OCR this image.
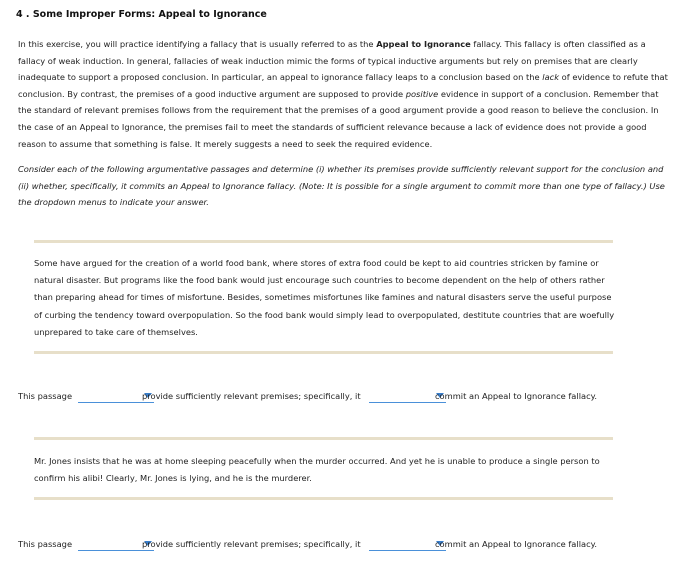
4 . Some Improper Forms: Appeal to Ignorance
In this exercise, you will practice identifying a fallacy that is usually referred to as the Appeal to Ignorance fallacy. This fallacy is often classified as a fallacy of weak induction. In general, fallacies of weak induction mimic the forms of typical inductive arguments but rely on premises that are clearly inadequate to support a proposed conclusion. In particular, an appeal to ignorance fallacy leaps to a conclusion based on the lack of evidence to refute that conclusion. By contrast, the premises of a good inductive argument are supposed to provide positive evidence in support of a conclusion. Remember that the standard of relevant premises follows from the requirement that the premises of a good argument provide a good reason to believe the conclusion. In the case of an Appeal to Ignorance, the premises fail to meet the standards of sufficient relevance because a lack of evidence does not provide a good reason to assume that something is false. It merely suggests a need to seek the required evidence.
Consider each of the following argumentative passages and determine (i) whether its premises provide sufficiently relevant support for the conclusion and (ii) whether, specifically, it commits an Appeal to Ignorance fallacy. (Note: It is possible for a single argument to commit more than one type of fallacy.) Use the dropdown menus to indicate your answer.
Some have argued for the creation of a world food bank, where stores of extra food could be kept to aid countries stricken by famine or natural disaster. But programs like the food bank would just encourage such countries to become dependent on the help of others rather than preparing ahead for times of misfortune. Besides, sometimes misfortunes like famines and natural disasters serve the useful purpose of curbing the tendency toward overpopulation. So the food bank would simply lead to overpopulated, destitute countries that are woefully unprepared to take care of themselves.
This passage	provide sufficiently relevant premises; specifically, it	commit an Appeal to Ignorance fallacy.
Mr. Jones insists that he was at home sleeping peacefully when the murder occurred. And yet he is unable to produce a single person to confirm his alibi! Clearly, Mr. Jones is lying, and he is the murderer.
This passage	provide sufficiently relevant premises; specifically, it	commit an Appeal to Ignorance fallacy.
